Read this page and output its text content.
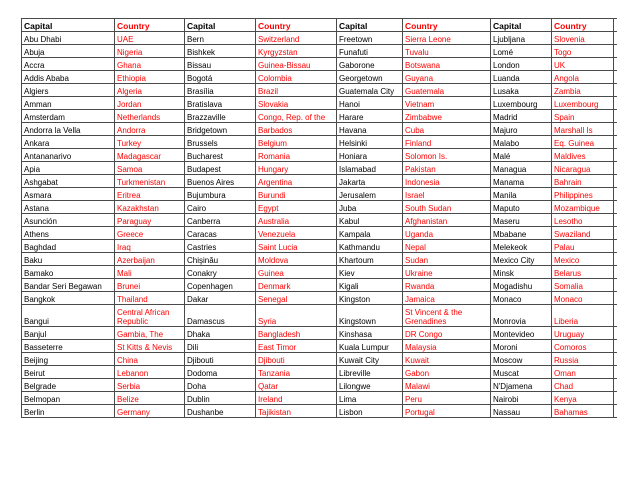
Capital	Country	Capital	Country	Capital	Country	Capital	Country	
Abu Dhabi	UAE	Bern	Switzerland	Freetown	Sierra Leone	Ljubljana	Slovenia	
Abuja	Nigeria	Bishkek	Kyrgyzstan	Funafuti	Tuvalu	Lomé	Togo	
Accra	Ghana	Bissau	Guinea-Bissau	Gaborone	Botswana	London	UK	
Addis Ababa	Ethiopia	Bogotá	Colombia	Georgetown	Guyana	Luanda	Angola	
Algiers	Algeria	Brasília	Brazil	Guatemala City	Guatemala	Lusaka	Zambia	
Amman	Jordan	Bratislava	Slovakia	Hanoi	Vietnam	Luxembourg	Luxembourg	
Amsterdam	Netherlands	Brazzaville	Congo, Rep. of the	Harare	Zimbabwe	Madrid	Spain	
Andorra la Vella	Andorra	Bridgetown	Barbados	Havana	Cuba	Majuro	Marshall Is	
Ankara	Turkey	Brussels	Belgium	Helsinki	Finland	Malabo	Eq. Guinea	
Antananarivo	Madagascar	Bucharest	Romania	Honiara	Solomon Is.	Malé	Maldives	
Apia	Samoa	Budapest	Hungary	Islamabad	Pakistan	Managua	Nicaragua	
Ashgabat	Turkmenistan	Buenos Aires	Argentina	Jakarta	Indonesia	Manama	Bahrain	
Asmara	Eritrea	Bujumbura	Burundi	Jerusalem	Israel	Manila	Philippines	
Astana	Kazakhstan	Cairo	Egypt	Juba	South Sudan	Maputo	Mozambique	
Asunción	Paraguay	Canberra	Australia	Kabul	Afghanistan	Maseru	Lesotho	
Athens	Greece	Caracas	Venezuela	Kampala	Uganda	Mbabane	Swaziland	
Baghdad	Iraq	Castries	Saint Lucia	Kathmandu	Nepal	Melekeok	Palau	
Baku	Azerbaijan	Chişinău	Moldova	Khartoum	Sudan	Mexico City	Mexico	
Bamako	Mali	Conakry	Guinea	Kiev	Ukraine	Minsk	Belarus	
Bandar Seri Begawan	Brunei	Copenhagen	Denmark	Kigali	Rwanda	Mogadishu	Somalia	
Bangkok	Thailand	Dakar	Senegal	Kingston	Jamaica	Monaco	Monaco	
Bangui	Central African Republic	Damascus	Syria	Kingstown	St Vincent & the Grenadines	Monrovia	Liberia	
Banjul	Gambia, The	Dhaka	Bangladesh	Kinshasa	DR Congo	Montevideo	Uruguay	
Basseterre	St Kitts & Nevis	Dili	East Timor	Kuala Lumpur	Malaysia	Moroni	Comoros	
Beijing	China	Djibouti	Djibouti	Kuwait City	Kuwait	Moscow	Russia	
Beirut	Lebanon	Dodoma	Tanzania	Libreville	Gabon	Muscat	Oman	
Belgrade	Serbia	Doha	Qatar	Lilongwe	Malawi	N'Djamena	Chad	
Belmopan	Belize	Dublin	Ireland	Lima	Peru	Nairobi	Kenya	
Berlin	Germany	Dushanbe	Tajikistan	Lisbon	Portugal	Nassau	Bahamas	
